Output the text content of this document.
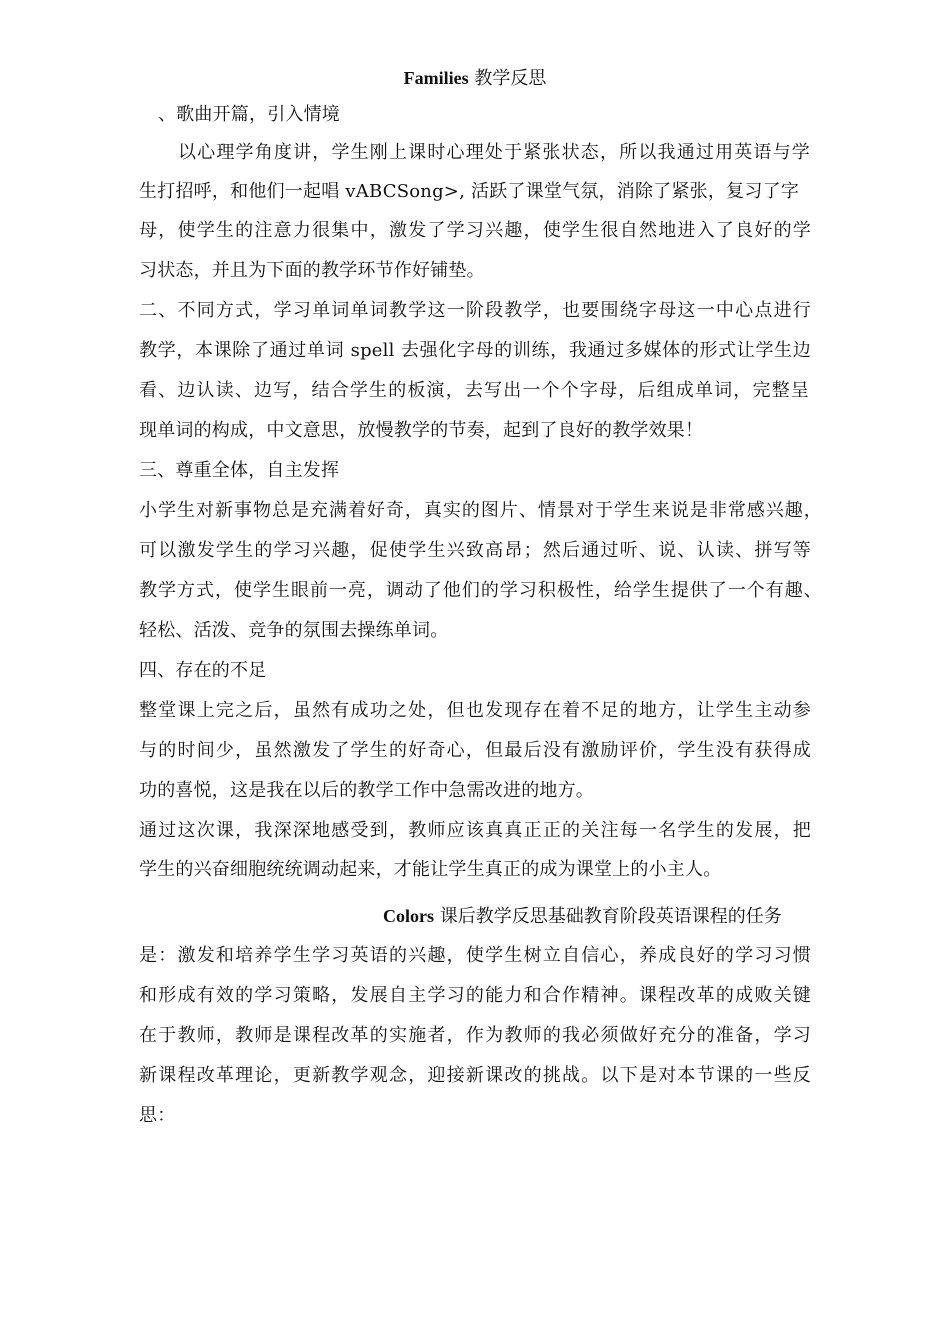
Families 教学反思
、歌曲开篇，引入情境
以心理学角度讲，学生刚上课时心理处于紧张状态，所以我通过用英语与学
生打招呼，和他们一起唱 vABCSong>, 活跃了课堂气氛，消除了紧张，复习了字
母，使学生的注意力很集中，激发了学习兴趣，使学生很自然地进入了良好的学
习状态，并且为下面的教学环节作好铺垫。
二、不同方式，学习单词单词教学这一阶段教学，也要围绕字母这一中心点进行
教学，本课除了通过单词 spell 去强化字母的训练，我通过多媒体的形式让学生边
看、边认读、边写，结合学生的板演，去写出一个个字母，后组成单词，完整呈
现单词的构成，中文意思，放慢教学的节奏，起到了良好的教学效果！
三、尊重全体，自主发挥
小学生对新事物总是充满着好奇，真实的图片、情景对于学生来说是非常感兴趣，
可以激发学生的学习兴趣，促使学生兴致高昂；然后通过听、说、认读、拼写等
教学方式，使学生眼前一亮，调动了他们的学习积极性，给学生提供了一个有趣、
轻松、活泼、竞争的氛围去操练单词。
四、存在的不足
整堂课上完之后，虽然有成功之处，但也发现存在着不足的地方，让学生主动参
与的时间少，虽然激发了学生的好奇心，但最后没有激励评价，学生没有获得成
功的喜悦，这是我在以后的教学工作中急需改进的地方。
通过这次课，我深深地感受到，教师应该真真正正的关注每一名学生的发展，把
学生的兴奋细胞统统调动起来，才能让学生真正的成为课堂上的小主人。
Colors 课后教学反思基础教育阶段英语课程的任务
是：激发和培养学生学习英语的兴趣，使学生树立自信心，养成良好的学习习惯
和形成有效的学习策略，发展自主学习的能力和合作精神。课程改革的成败关键
在于教师，教师是课程改革的实施者，作为教师的我必须做好充分的准备，学习
新课程改革理论，更新教学观念，迎接新课改的挑战。以下是对本节课的一些反
思：
